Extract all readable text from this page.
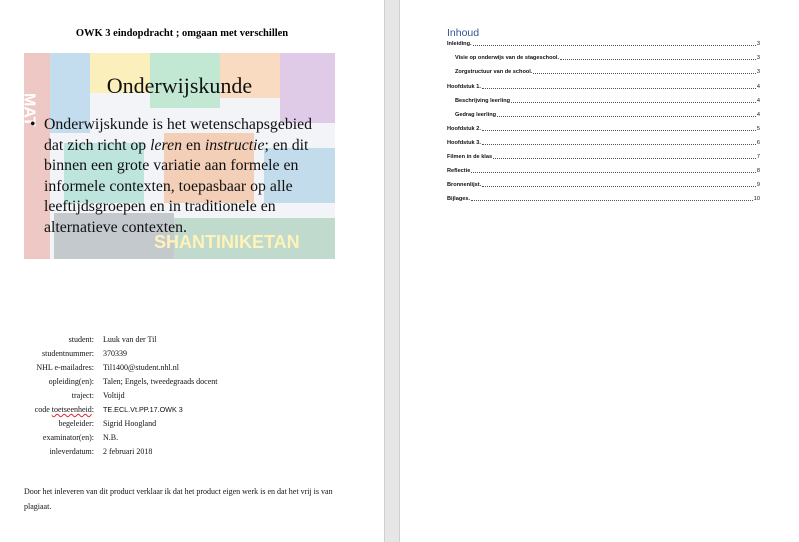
OWK 3 eindopdracht ; omgaan met verschillen
Onderwijskunde
• Onderwijskunde is het wetenschapsgebied dat zich richt op leren en instructie; en dit binnen een grote variatie aan formele en informele contexten, toepasbaar op alle leeftijdsgroepen en in traditionele en alternatieve contexten.
student: Luuk van der Til
studentnummer: 370339
NHL e-mailadres: Til1400@student.nhl.nl
opleiding(en): Talen; Engels, tweedegraads docent
traject: Voltijd
code toetseenheid: TE.ECL.Vt.PP.17.OWK 3
begeleider: Sigrid Hoogland
examinator(en): N.B.
inleverdatum: 2 februari 2018
Door het inleveren van dit product verklaar ik dat het product eigen werk is en dat het vrij is van plagiaat.
Inhoud
Inleiding.	3
Visie op onderwijs van de stageschool.	3
Zorgstructuur van de school.	3
Hoofdstuk 1.	4
Beschrijving leerling	4
Gedrag leerling	4
Hoofdstuk 2.	5
Hoofdstuk 3.	6
Filmen in de klas	7
Reflectie	8
Bronnenlijst.	9
Bijlages.	10
